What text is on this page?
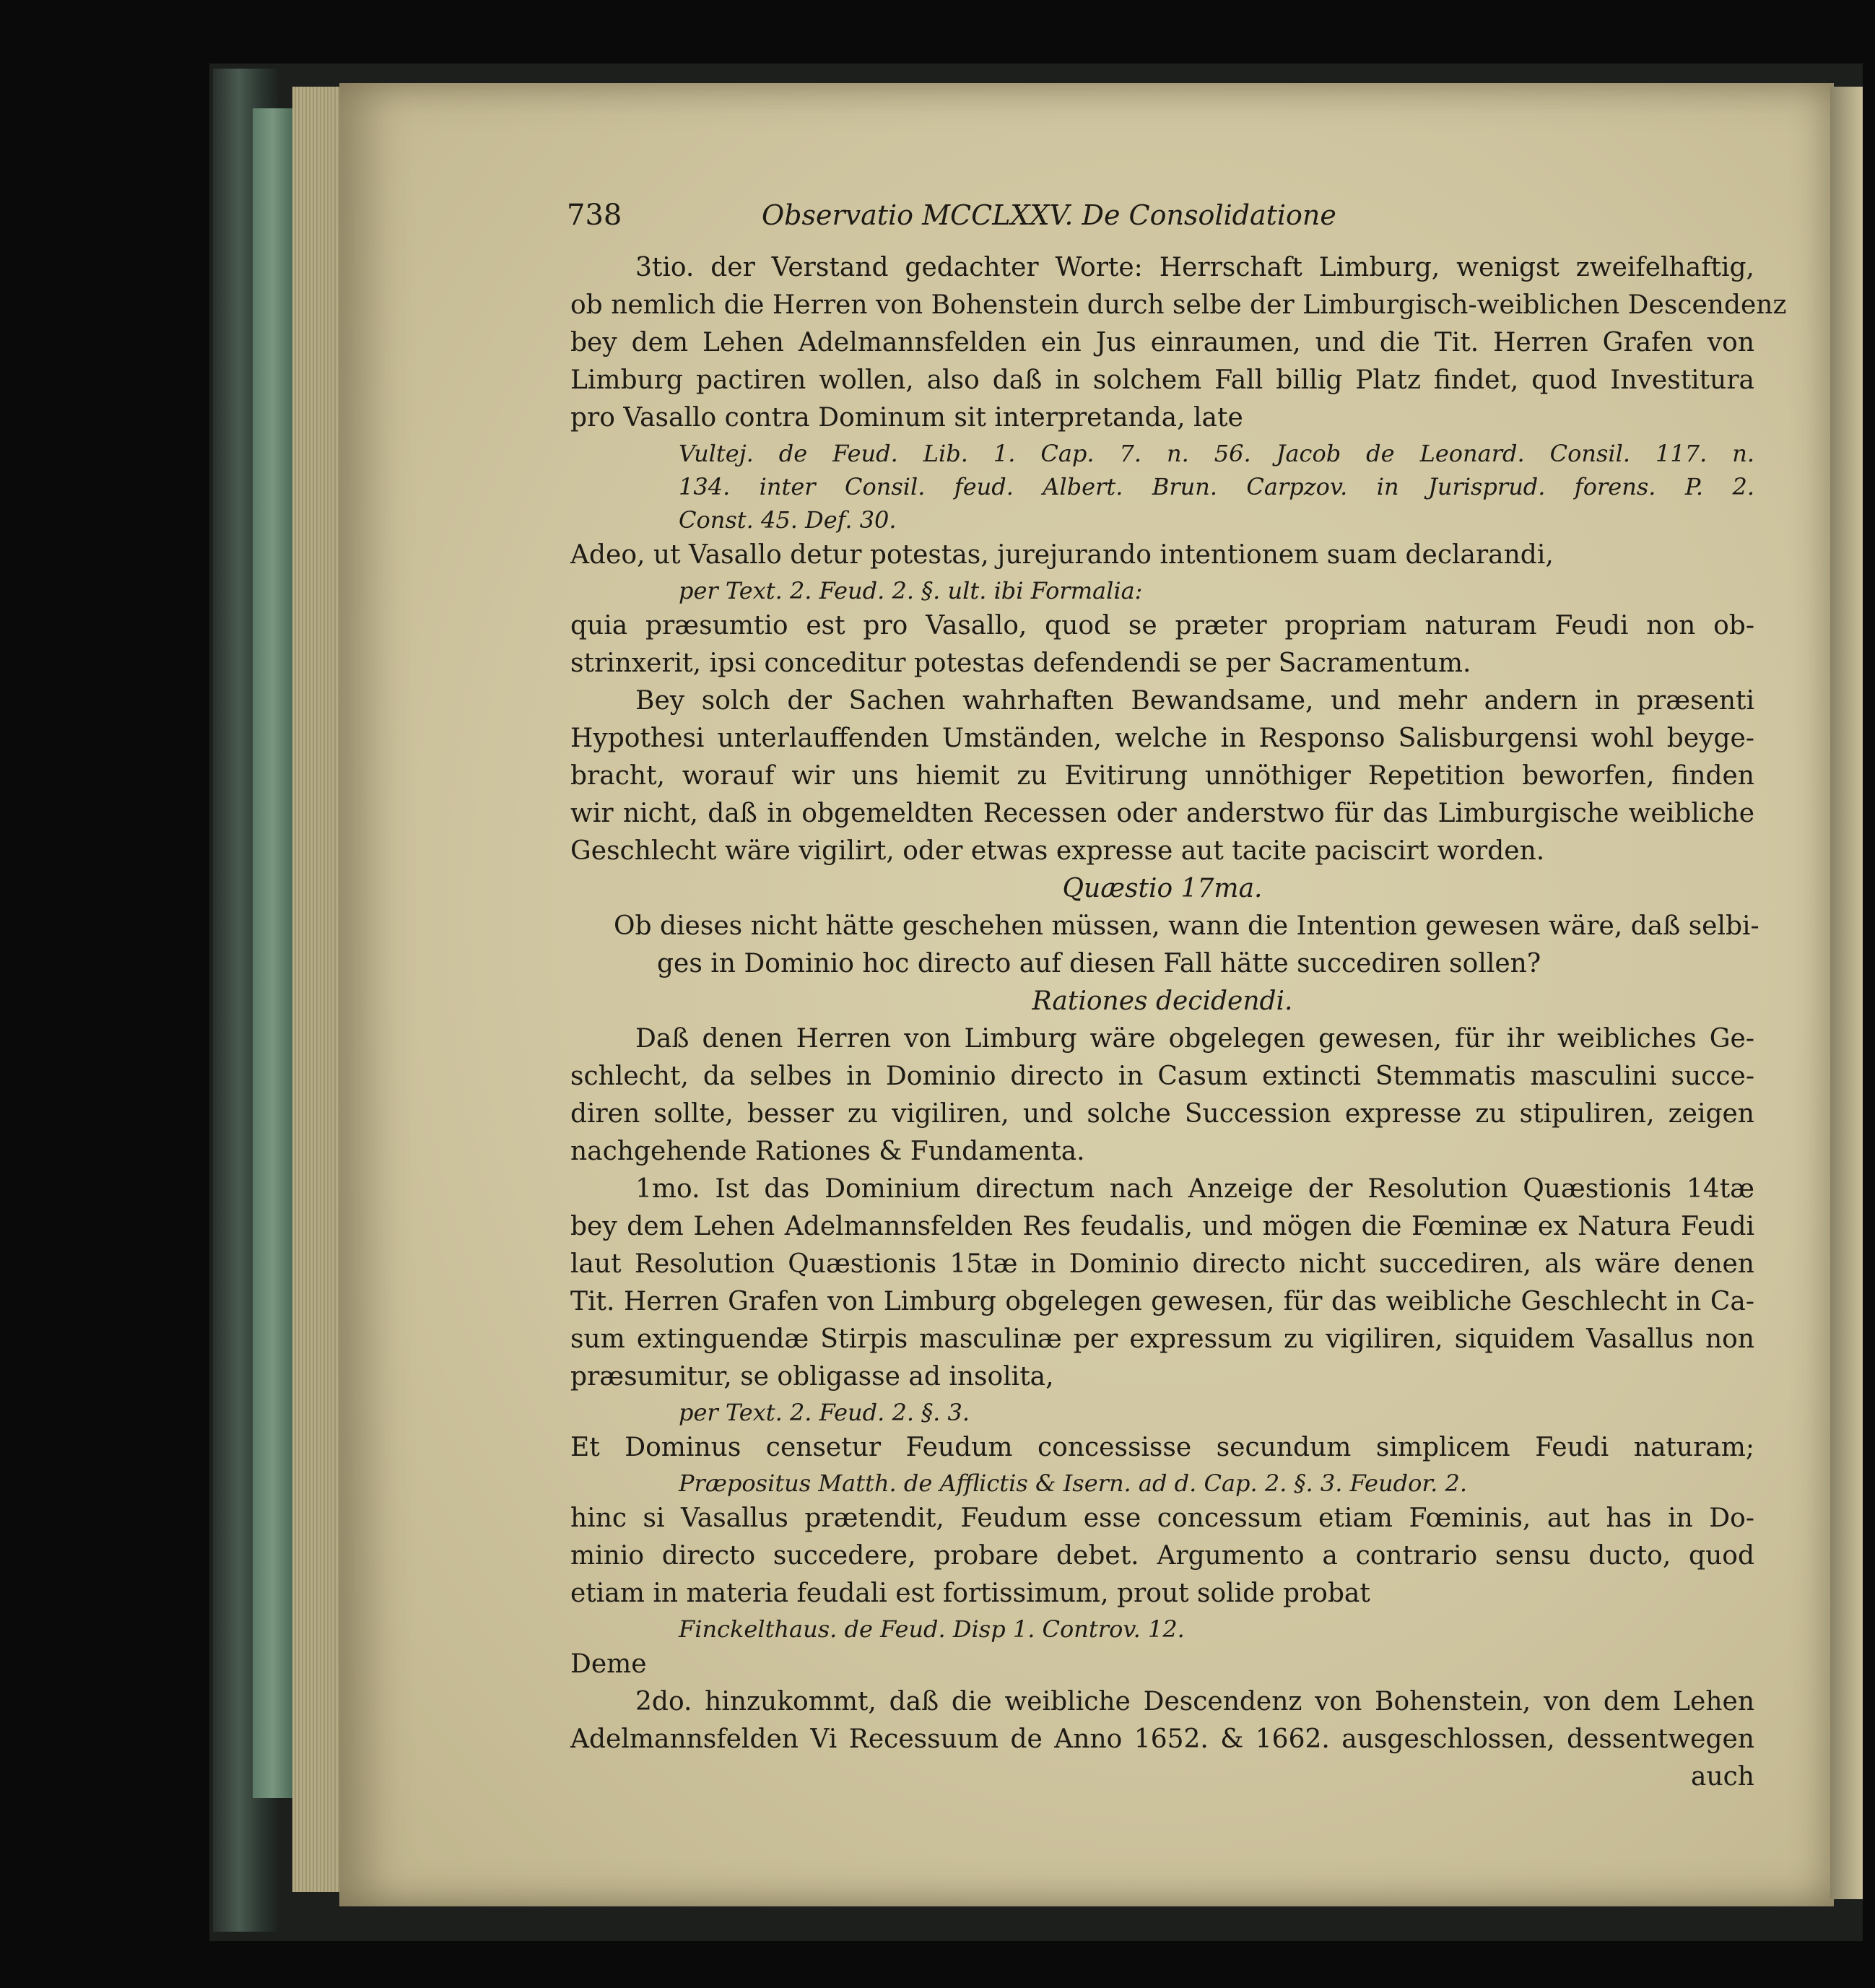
738	Observatio MCCLXXV. De Consolidatione
3tio. der Verstand gedachter Worte: Herrschaft Limburg, wenigst zweifelhaftig,
ob nemlich die Herren von Bohenstein durch selbe der Limburgisch-weiblichen Descendenz
bey dem Lehen Adelmannsfelden ein Jus einraumen, und die Tit. Herren Grafen von
Limburg pactiren wollen, also daß in solchem Fall billig Platz findet, quod Investitura
pro Vasallo contra Dominum sit interpretanda, late
Vultej. de Feud. Lib. 1. Cap. 7. n. 56. Jacob de Leonard. Consil. 117. n.
134. inter Consil. feud. Albert. Brun. Carpzov. in Jurisprud. forens. P. 2.
Const. 45. Def. 30.
Adeo, ut Vasallo detur potestas, jurejurando intentionem suam declarandi,
per Text. 2. Feud. 2. §. ult. ibi Formalia:
quia præsumtio est pro Vasallo, quod se præter propriam naturam Feudi non ob-
strinxerit, ipsi conceditur potestas defendendi se per Sacramentum.
Bey solch der Sachen wahrhaften Bewandsame, und mehr andern in præsenti
Hypothesi unterlauffenden Umständen, welche in Responso Salisburgensi wohl beyge-
bracht, worauf wir uns hiemit zu Evitirung unnöthiger Repetition beworfen, finden
wir nicht, daß in obgemeldten Recessen oder anderstwo für das Limburgische weibliche
Geschlecht wäre vigilirt, oder etwas expresse aut tacite paciscirt worden.
Quæstio 17ma.
Ob dieses nicht hätte geschehen müssen, wann die Intention gewesen wäre, daß selbi-
ges in Dominio hoc directo auf diesen Fall hätte succediren sollen?
Rationes decidendi.
Daß denen Herren von Limburg wäre obgelegen gewesen, für ihr weibliches Ge-
schlecht, da selbes in Dominio directo in Casum extincti Stemmatis masculini succe-
diren sollte, besser zu vigiliren, und solche Succession expresse zu stipuliren, zeigen
nachgehende Rationes & Fundamenta.
1mo. Ist das Dominium directum nach Anzeige der Resolution Quæstionis 14tæ
bey dem Lehen Adelmannsfelden Res feudalis, und mögen die Fœminæ ex Natura Feudi
laut Resolution Quæstionis 15tæ in Dominio directo nicht succediren, als wäre denen
Tit. Herren Grafen von Limburg obgelegen gewesen, für das weibliche Geschlecht in Ca-
sum extinguendæ Stirpis masculinæ per expressum zu vigiliren, siquidem Vasallus non
præsumitur, se obligasse ad insolita,
per Text. 2. Feud. 2. §. 3.
Et Dominus censetur Feudum concessisse secundum simplicem Feudi naturam;
Præpositus Matth. de Afflictis & Isern. ad d. Cap. 2. §. 3. Feudor. 2.
hinc si Vasallus prætendit, Feudum esse concessum etiam Fœminis, aut has in Do-
minio directo succedere, probare debet. Argumento a contrario sensu ducto, quod
etiam in materia feudali est fortissimum, prout solide probat
Finckelthaus. de Feud. Disp 1. Controv. 12.
Deme
2do. hinzukommt, daß die weibliche Descendenz von Bohenstein, von dem Lehen
Adelmannsfelden Vi Recessuum de Anno 1652. & 1662. ausgeschlossen, dessentwegen
auch
